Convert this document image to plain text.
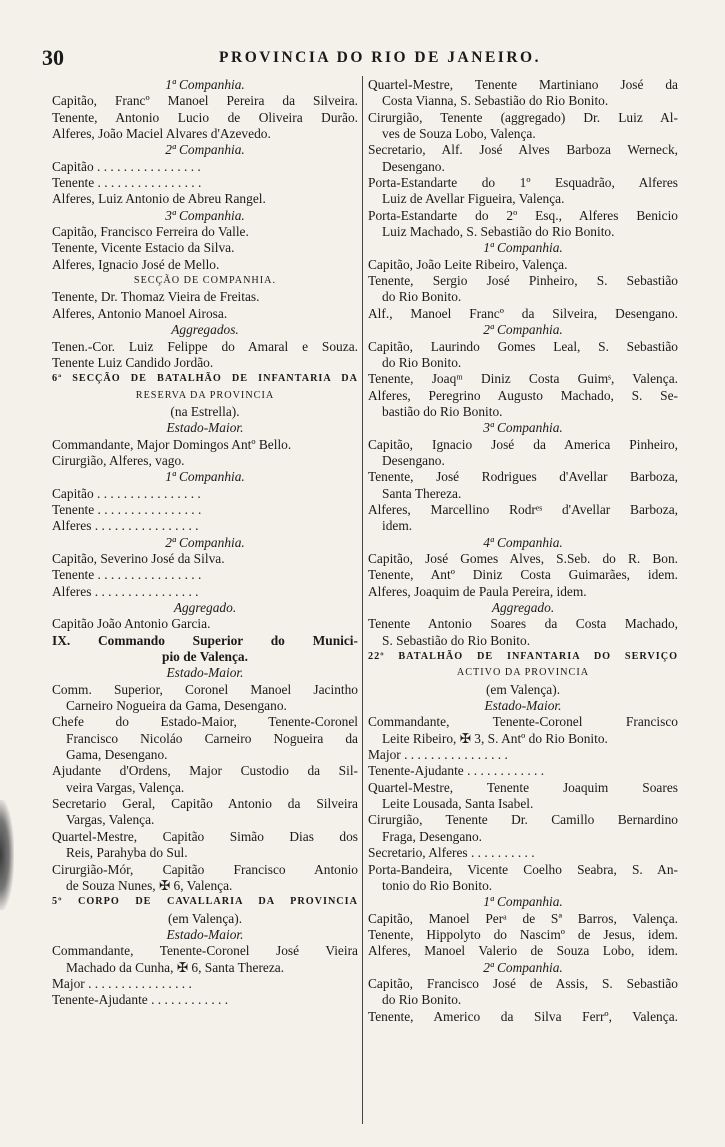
30	PROVINCIA DO RIO DE JANEIRO.
1ª Companhia.
Capitão, Francº Manoel Pereira da Silveira.
Tenente, Antonio Lucio de Oliveira Durão.
Alferes, João Maciel Alvares d'Azevedo.
2ª Companhia.
Capitão . . . . . . . . . . . . . . . .
Tenente . . . . . . . . . . . . . . . .
Alferes, Luiz Antonio de Abreu Rangel.
3ª Companhia.
Capitão, Francisco Ferreira do Valle.
Tenente, Vicente Estacio da Silva.
Alferes, Ignacio José de Mello.
SECÇÃO DE COMPANHIA.
Tenente, Dr. Thomaz Vieira de Freitas.
Alferes, Antonio Manoel Airosa.
Aggregados.
Tenen.-Cor. Luiz Felippe do Amaral e Souza.
Tenente Luiz Candido Jordão.
6ª SECÇÃO DE BATALHÃO DE INFANTARIA DA
RESERVA DA PROVINCIA
(na Estrella).
Estado-Maior.
Commandante, Major Domingos Antº Bello.
Cirurgião, Alferes, vago.
1ª Companhia.
Capitão . . . . . . . . . . . . . . . .
Tenente . . . . . . . . . . . . . . . .
Alferes . . . . . . . . . . . . . . . .
2ª Companhia.
Capitão, Severino José da Silva.
Tenente . . . . . . . . . . . . . . . .
Alferes . . . . . . . . . . . . . . . .
Aggregado.
Capitão João Antonio Garcia.
IX. Commando Superior do Munici-
pio de Valença.
Estado-Maior.
Comm. Superior, Coronel Manoel Jacintho
Carneiro Nogueira da Gama, Desengano.
Chefe do Estado-Maior, Tenente-Coronel
Francisco Nicoláo Carneiro Nogueira da
Gama, Desengano.
Ajudante d'Ordens, Major Custodio da Sil-
veira Vargas, Valença.
Secretario Geral, Capitão Antonio da Silveira
Vargas, Valença.
Quartel-Mestre, Capitão Simão Dias dos
Reis, Parahyba do Sul.
Cirurgião-Mór, Capitão Francisco Antonio
de Souza Nunes, ✠ 6, Valença.
5º CORPO DE CAVALLARIA DA PROVINCIA
(em Valença).
Estado-Maior.
Commandante, Tenente-Coronel José Vieira
Machado da Cunha, ✠ 6, Santa Thereza.
Major . . . . . . . . . . . . . . . .
Tenente-Ajudante . . . . . . . . . . . .
Quartel-Mestre, Tenente Martiniano José da
Costa Vianna, S. Sebastião do Rio Bonito.
Cirurgião, Tenente (aggregado) Dr. Luiz Al-
ves de Souza Lobo, Valença.
Secretario, Alf. José Alves Barboza Werneck,
Desengano.
Porta-Estandarte do 1º Esquadrão, Alferes
Luiz de Avellar Figueira, Valença.
Porta-Estandarte do 2º Esq., Alferes Benicio
Luiz Machado, S. Sebastião do Rio Bonito.
1ª Companhia.
Capitão, João Leite Ribeiro, Valença.
Tenente, Sergio José Pinheiro, S. Sebastião
do Rio Bonito.
Alf., Manoel Francº da Silveira, Desengano.
2ª Companhia.
Capitão, Laurindo Gomes Leal, S. Sebastião
do Rio Bonito.
Tenente, Joaqᵐ Diniz Costa Guimˢ, Valença.
Alferes, Peregrino Augusto Machado, S. Se-
bastião do Rio Bonito.
3ª Companhia.
Capitão, Ignacio José da America Pinheiro,
Desengano.
Tenente, José Rodrigues d'Avellar Barboza,
Santa Thereza.
Alferes, Marcellino Rodrᵉˢ d'Avellar Barboza,
idem.
4ª Companhia.
Capitão, José Gomes Alves, S.Seb. do R. Bon.
Tenente, Antº Diniz Costa Guimarães, idem.
Alferes, Joaquim de Paula Pereira, idem.
Aggregado.
Tenente Antonio Soares da Costa Machado,
S. Sebastião do Rio Bonito.
22º BATALHÃO DE INFANTARIA DO SERVIÇO
ACTIVO DA PROVINCIA
(em Valença).
Estado-Maior.
Commandante, Tenente-Coronel Francisco
Leite Ribeiro, ✠ 3, S. Antº do Rio Bonito.
Major . . . . . . . . . . . . . . . .
Tenente-Ajudante . . . . . . . . . . . .
Quartel-Mestre, Tenente Joaquim Soares
Leite Lousada, Santa Isabel.
Cirurgião, Tenente Dr. Camillo Bernardino
Fraga, Desengano.
Secretario, Alferes . . . . . . . . . .
Porta-Bandeira, Vicente Coelho Seabra, S. An-
tonio do Rio Bonito.
1ª Companhia.
Capitão, Manoel Perᵃ de Sª Barros, Valença.
Tenente, Hippolyto do Nascimº de Jesus, idem.
Alferes, Manoel Valerio de Souza Lobo, idem.
2ª Companhia.
Capitão, Francisco José de Assis, S. Sebastião
do Rio Bonito.
Tenente, Americo da Silva Ferrº, Valença.
